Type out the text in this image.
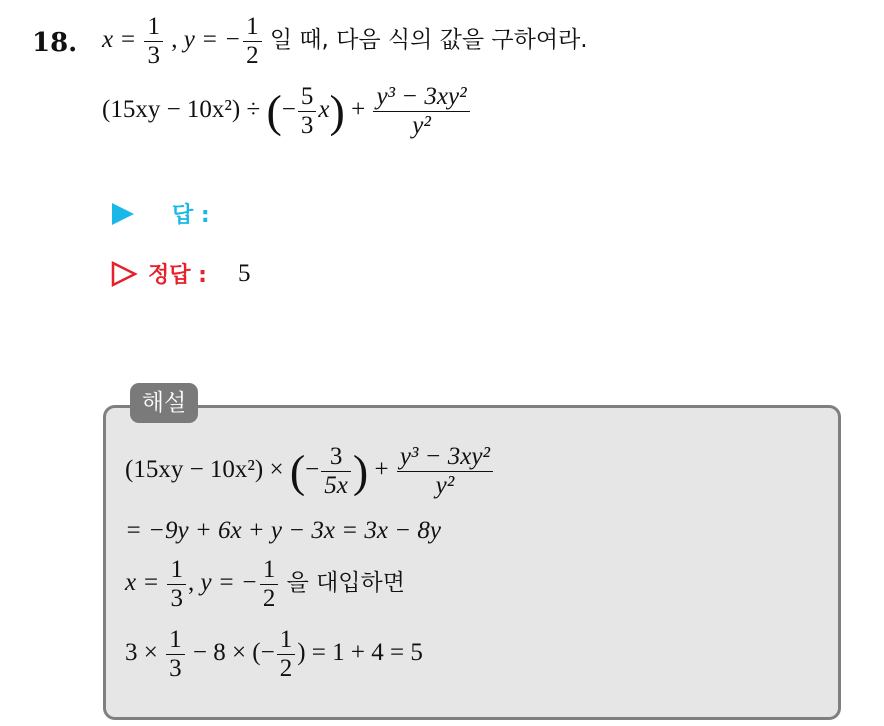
18. $x = \frac{1}{3}$ , y = − $\frac{1}{2}$ 일 때, 다음 식의 값을 구하여라.
(15xy − 10x²) ÷ (− $\frac{5}{3} x) + \frac{\text{y³ − 3xy²}}{\text{y²}}$
답 :
정답 : 5
해설
(15xy − 10x²) × (− $\frac{3}{5x}$ ) + $\frac{\text{y³ − 3xy²}}{\text{y²}}$
= −9y + 6x + y − 3x = 3x − 8y
$x = \frac{1}{3}$ , y = − $\frac{1}{2}$ 을 대입하면
$3 \times \frac{1}{3} - 8$ × (− $\frac{1}{2}$ ) = 1 + 4 = 5
